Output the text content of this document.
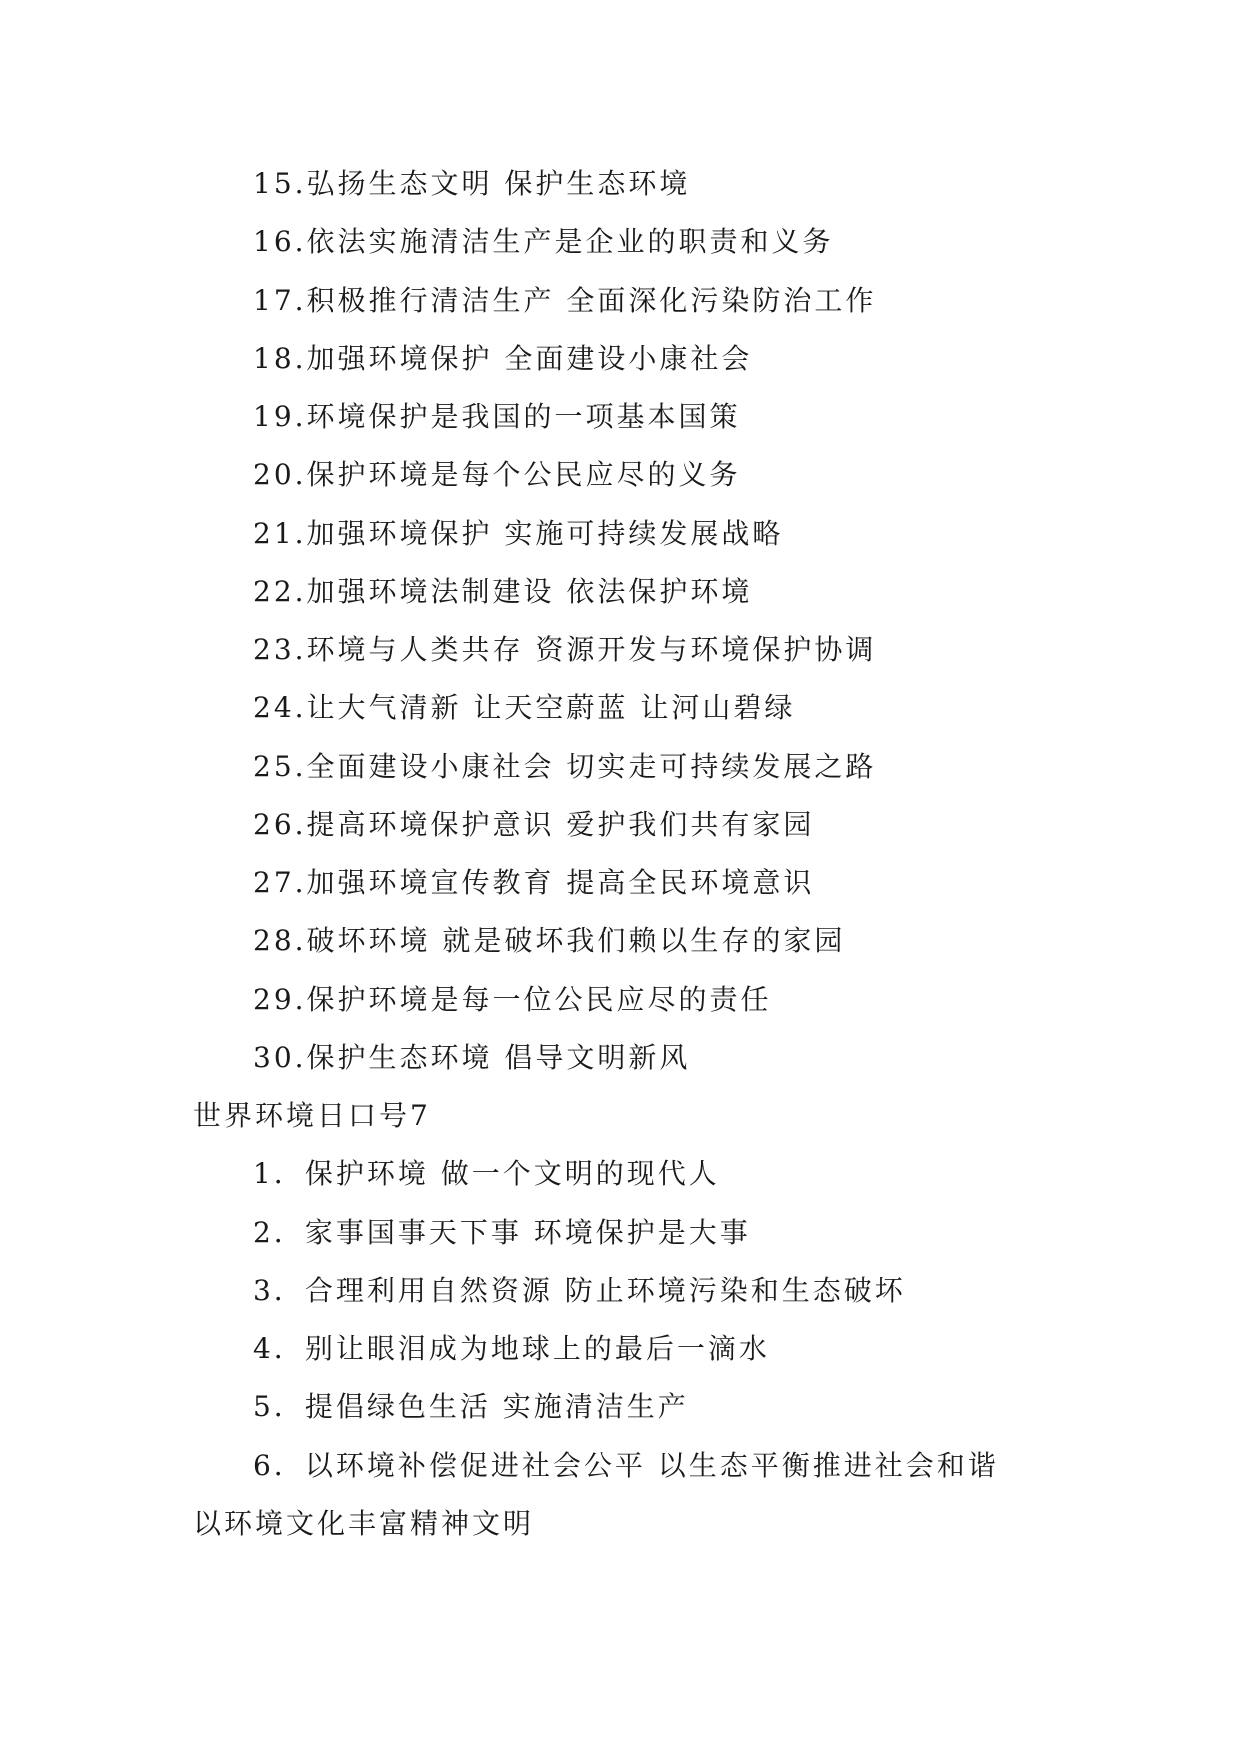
15.弘扬生态文明 保护生态环境
16.依法实施清洁生产是企业的职责和义务
17.积极推行清洁生产 全面深化污染防治工作
18.加强环境保护 全面建设小康社会
19.环境保护是我国的一项基本国策
20.保护环境是每个公民应尽的义务
21.加强环境保护 实施可持续发展战略
22.加强环境法制建设 依法保护环境
23.环境与人类共存 资源开发与环境保护协调
24.让大气清新 让天空蔚蓝 让河山碧绿
25.全面建设小康社会 切实走可持续发展之路
26.提高环境保护意识 爱护我们共有家园
27.加强环境宣传教育 提高全民环境意识
28.破坏环境 就是破坏我们赖以生存的家园
29.保护环境是每一位公民应尽的责任
30.保护生态环境 倡导文明新风
世界环境日口号7
1．保护环境 做一个文明的现代人
2．家事国事天下事 环境保护是大事
3．合理利用自然资源 防止环境污染和生态破坏
4．别让眼泪成为地球上的最后一滴水
5．提倡绿色生活 实施清洁生产
6．以环境补偿促进社会公平 以生态平衡推进社会和谐
以环境文化丰富精神文明
